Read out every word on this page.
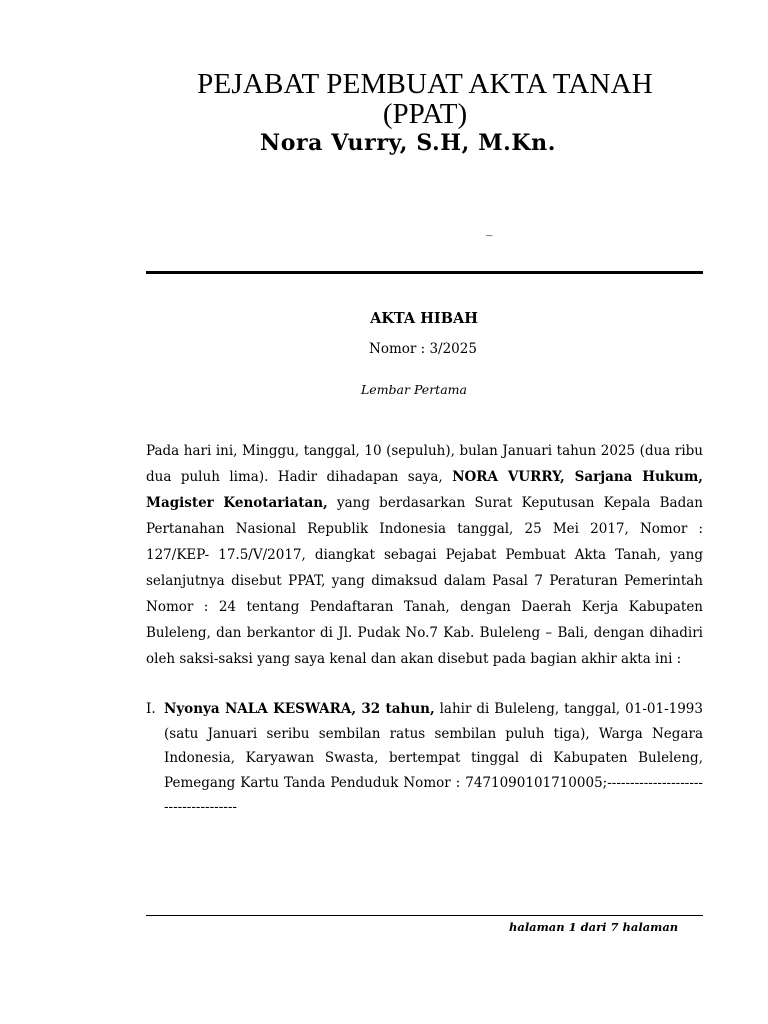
PEJABAT PEMBUAT AKTA TANAH
(PPAT)
Nora Vurry, S.H, M.Kn.
_
AKTA HIBAH
Nomor : 3/2025
Lembar Pertama

Pada hari ini, Minggu, tanggal, 10 (sepuluh), bulan Januari tahun 2025 (dua ribu dua puluh lima). Hadir dihadapan saya, NORA VURRY, Sarjana Hukum, Magister Kenotariatan, yang berdasarkan Surat Keputusan Kepala Badan Pertanahan Nasional Republik Indonesia tanggal, 25 Mei 2017, Nomor : 127/KEP- 17.5/V/2017, diangkat sebagai Pejabat Pembuat Akta Tanah, yang selanjutnya disebut PPAT, yang dimaksud dalam Pasal 7 Peraturan Pemerintah Nomor : 24 tentang Pendaftaran Tanah, dengan Daerah Kerja Kabupaten Buleleng, dan berkantor di Jl. Pudak No.7 Kab. Buleleng – Bali, dengan dihadiri oleh saksi-saksi yang saya kenal dan akan disebut pada bagian akhir akta ini :

I. Nyonya NALA KESWARA, 32 tahun, lahir di Buleleng, tanggal, 01-01-1993 (satu Januari seribu sembilan ratus sembilan puluh tiga), Warga Negara Indonesia, Karyawan Swasta, bertempat tinggal di Kabupaten Buleleng, Pemegang Kartu Tanda Penduduk Nomor : 7471090101710005;-------------------------------------
halaman 1 dari 7 halaman
